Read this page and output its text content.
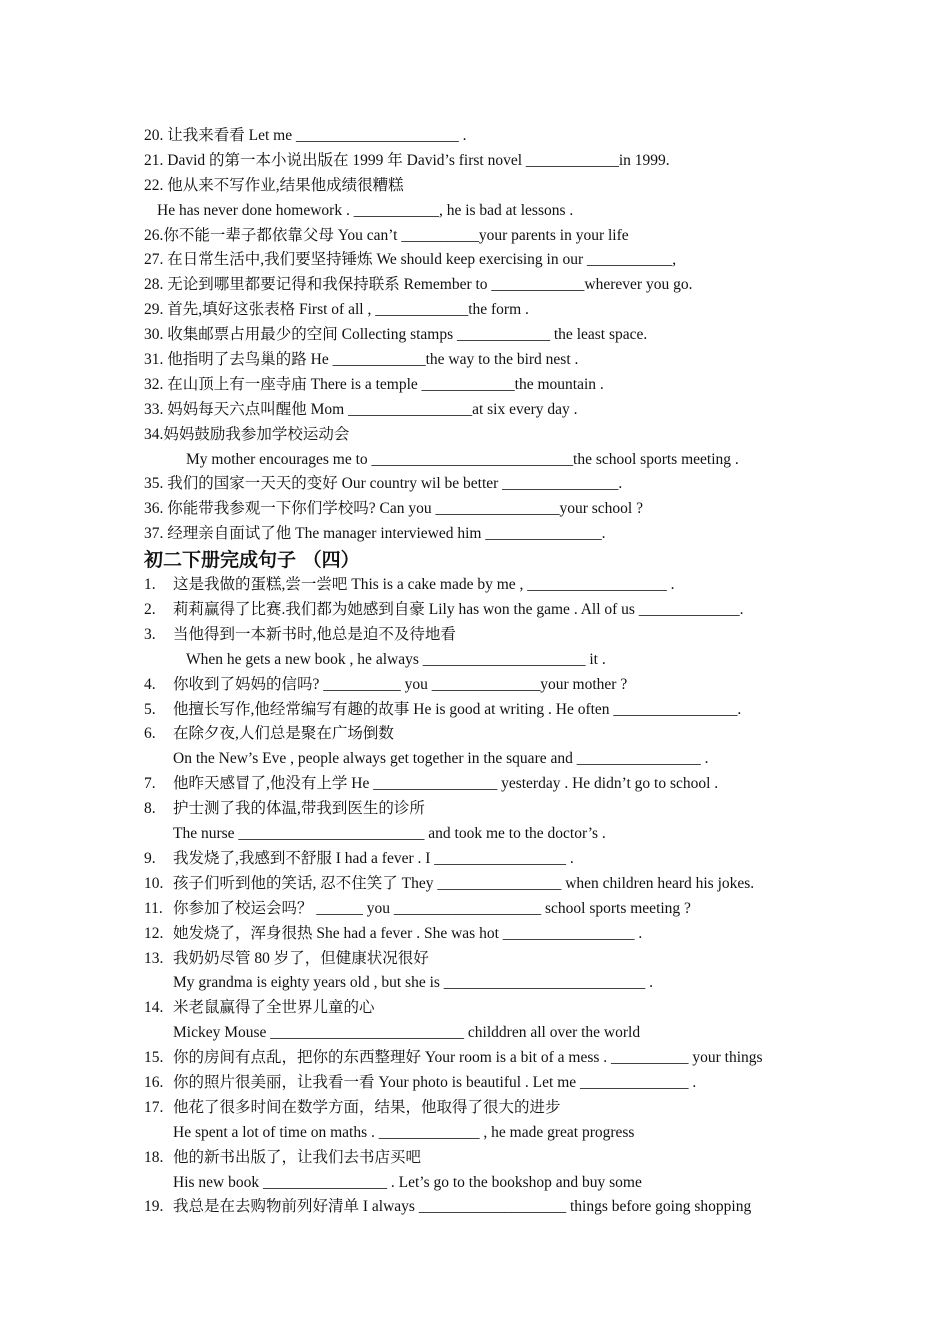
20. 让我来看看 Let me _____________________ .
21. David 的第一本小说出版在 1999 年 David’s first novel ____________in 1999.
22. 他从来不写作业,结果他成绩很糟糕
He has never done homework . ___________, he is bad at lessons .
26.你不能一辈子都依靠父母 You can’t __________your parents in your life
27. 在日常生活中,我们要坚持锤炼 We should keep exercising in our ___________,
28. 无论到哪里都要记得和我保持联系 Remember to ____________wherever you go.
29. 首先,填好这张表格 First of all , ____________the form .
30. 收集邮票占用最少的空间 Collecting stamps ____________ the least space.
31. 他指明了去鸟巢的路 He ____________the way to the bird nest .
32. 在山顶上有一座寺庙 There is a temple ____________the mountain .
33. 妈妈每天六点叫醒他 Mom ________________at six every day .
34.妈妈鼓励我参加学校运动会
My mother encourages me to __________________________the school sports meeting .
35. 我们的国家一天天的变好 Our country wil be better _______________.
36. 你能带我参观一下你们学校吗? Can you ________________your school ?
37. 经理亲自面试了他 The manager interviewed him _______________.
初二下册完成句子 （四）
1. 这是我做的蛋糕,尝一尝吧 This is a cake made by me , __________________ .
2. 莉莉赢得了比赛.我们都为她感到自豪 Lily has won the game . All of us _____________.
3. 当他得到一本新书时,他总是迫不及待地看
When he gets a new book , he always _____________________ it .
4. 你收到了妈妈的信吗? __________ you ______________your mother ?
5. 他擅长写作,他经常编写有趣的故事 He is good at writing . He often ________________.
6. 在除夕夜,人们总是聚在广场倒数
On the New’s Eve , people always get together in the square and ________________ .
7. 他昨天感冒了,他没有上学 He ________________ yesterday . He didn’t go to school .
8. 护士测了我的体温,带我到医生的诊所
The nurse ________________________ and took me to the doctor’s .
9. 我发烧了,我感到不舒服 I had a fever . I _________________ .
10. 孩子们听到他的笑话, 忍不住笑了 They ________________ when children heard his jokes.
11. 你参加了校运会吗？ ______ you ___________________ school sports meeting ?
12. 她发烧了，浑身很热 She had a fever . She was hot _________________ .
13. 我奶奶尽管 80 岁了，但健康状况很好
My grandma is eighty years old , but she is __________________________ .
14. 米老鼠赢得了全世界儿童的心
Mickey Mouse _________________________ childdren all over the world
15. 你的房间有点乱，把你的东西整理好 Your room is a bit of a mess . __________ your things
16. 你的照片很美丽，让我看一看 Your photo is beautiful . Let me ______________ .
17. 他花了很多时间在数学方面，结果，他取得了很大的进步
He spent a lot of time on maths . _____________ , he made great progress
18. 他的新书出版了，让我们去书店买吧
His new book ________________ . Let’s go to the bookshop and buy some
19. 我总是在去购物前列好清单 I always ___________________ things before going shopping
